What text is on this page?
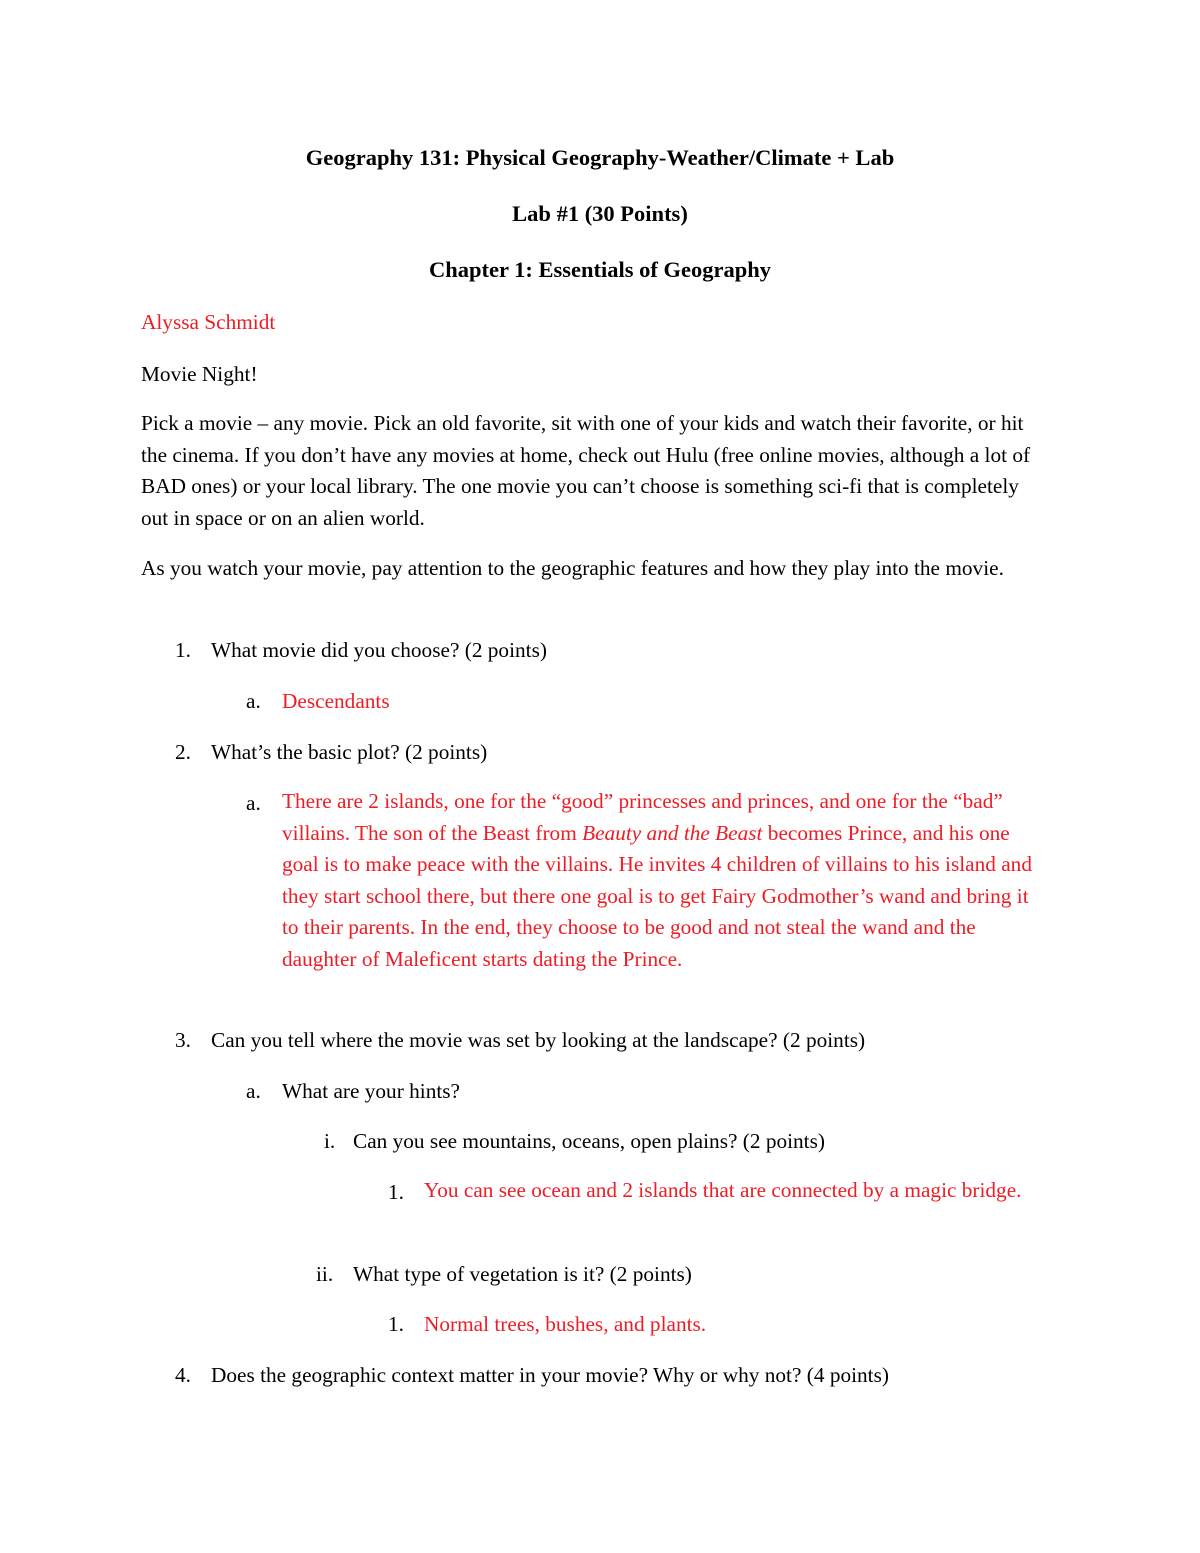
Geography 131: Physical Geography-Weather/Climate + Lab

Lab #1 (30 Points)

Chapter 1: Essentials of Geography

Alyssa Schmidt

Movie Night!

Pick a movie – any movie. Pick an old favorite, sit with one of your kids and watch their favorite, or hit the cinema. If you don’t have any movies at home, check out Hulu (free online movies, although a lot of BAD ones) or your local library. The one movie you can’t choose is something sci-fi that is completely out in space or on an alien world.

As you watch your movie, pay attention to the geographic features and how they play into the movie.

1. What movie did you choose? (2 points)

a. Descendants

2. What’s the basic plot? (2 points)

a. There are 2 islands, one for the “good” princesses and princes, and one for the “bad” villains. The son of the Beast from Beauty and the Beast becomes Prince, and his one goal is to make peace with the villains. He invites 4 children of villains to his island and they start school there, but there one goal is to get Fairy Godmother’s wand and bring it to their parents. In the end, they choose to be good and not steal the wand and the daughter of Maleficent starts dating the Prince.

3. Can you tell where the movie was set by looking at the landscape? (2 points)

a. What are your hints?

i. Can you see mountains, oceans, open plains? (2 points)

1. You can see ocean and 2 islands that are connected by a magic bridge.

ii. What type of vegetation is it? (2 points)

1. Normal trees, bushes, and plants.

4. Does the geographic context matter in your movie? Why or why not? (4 points)
